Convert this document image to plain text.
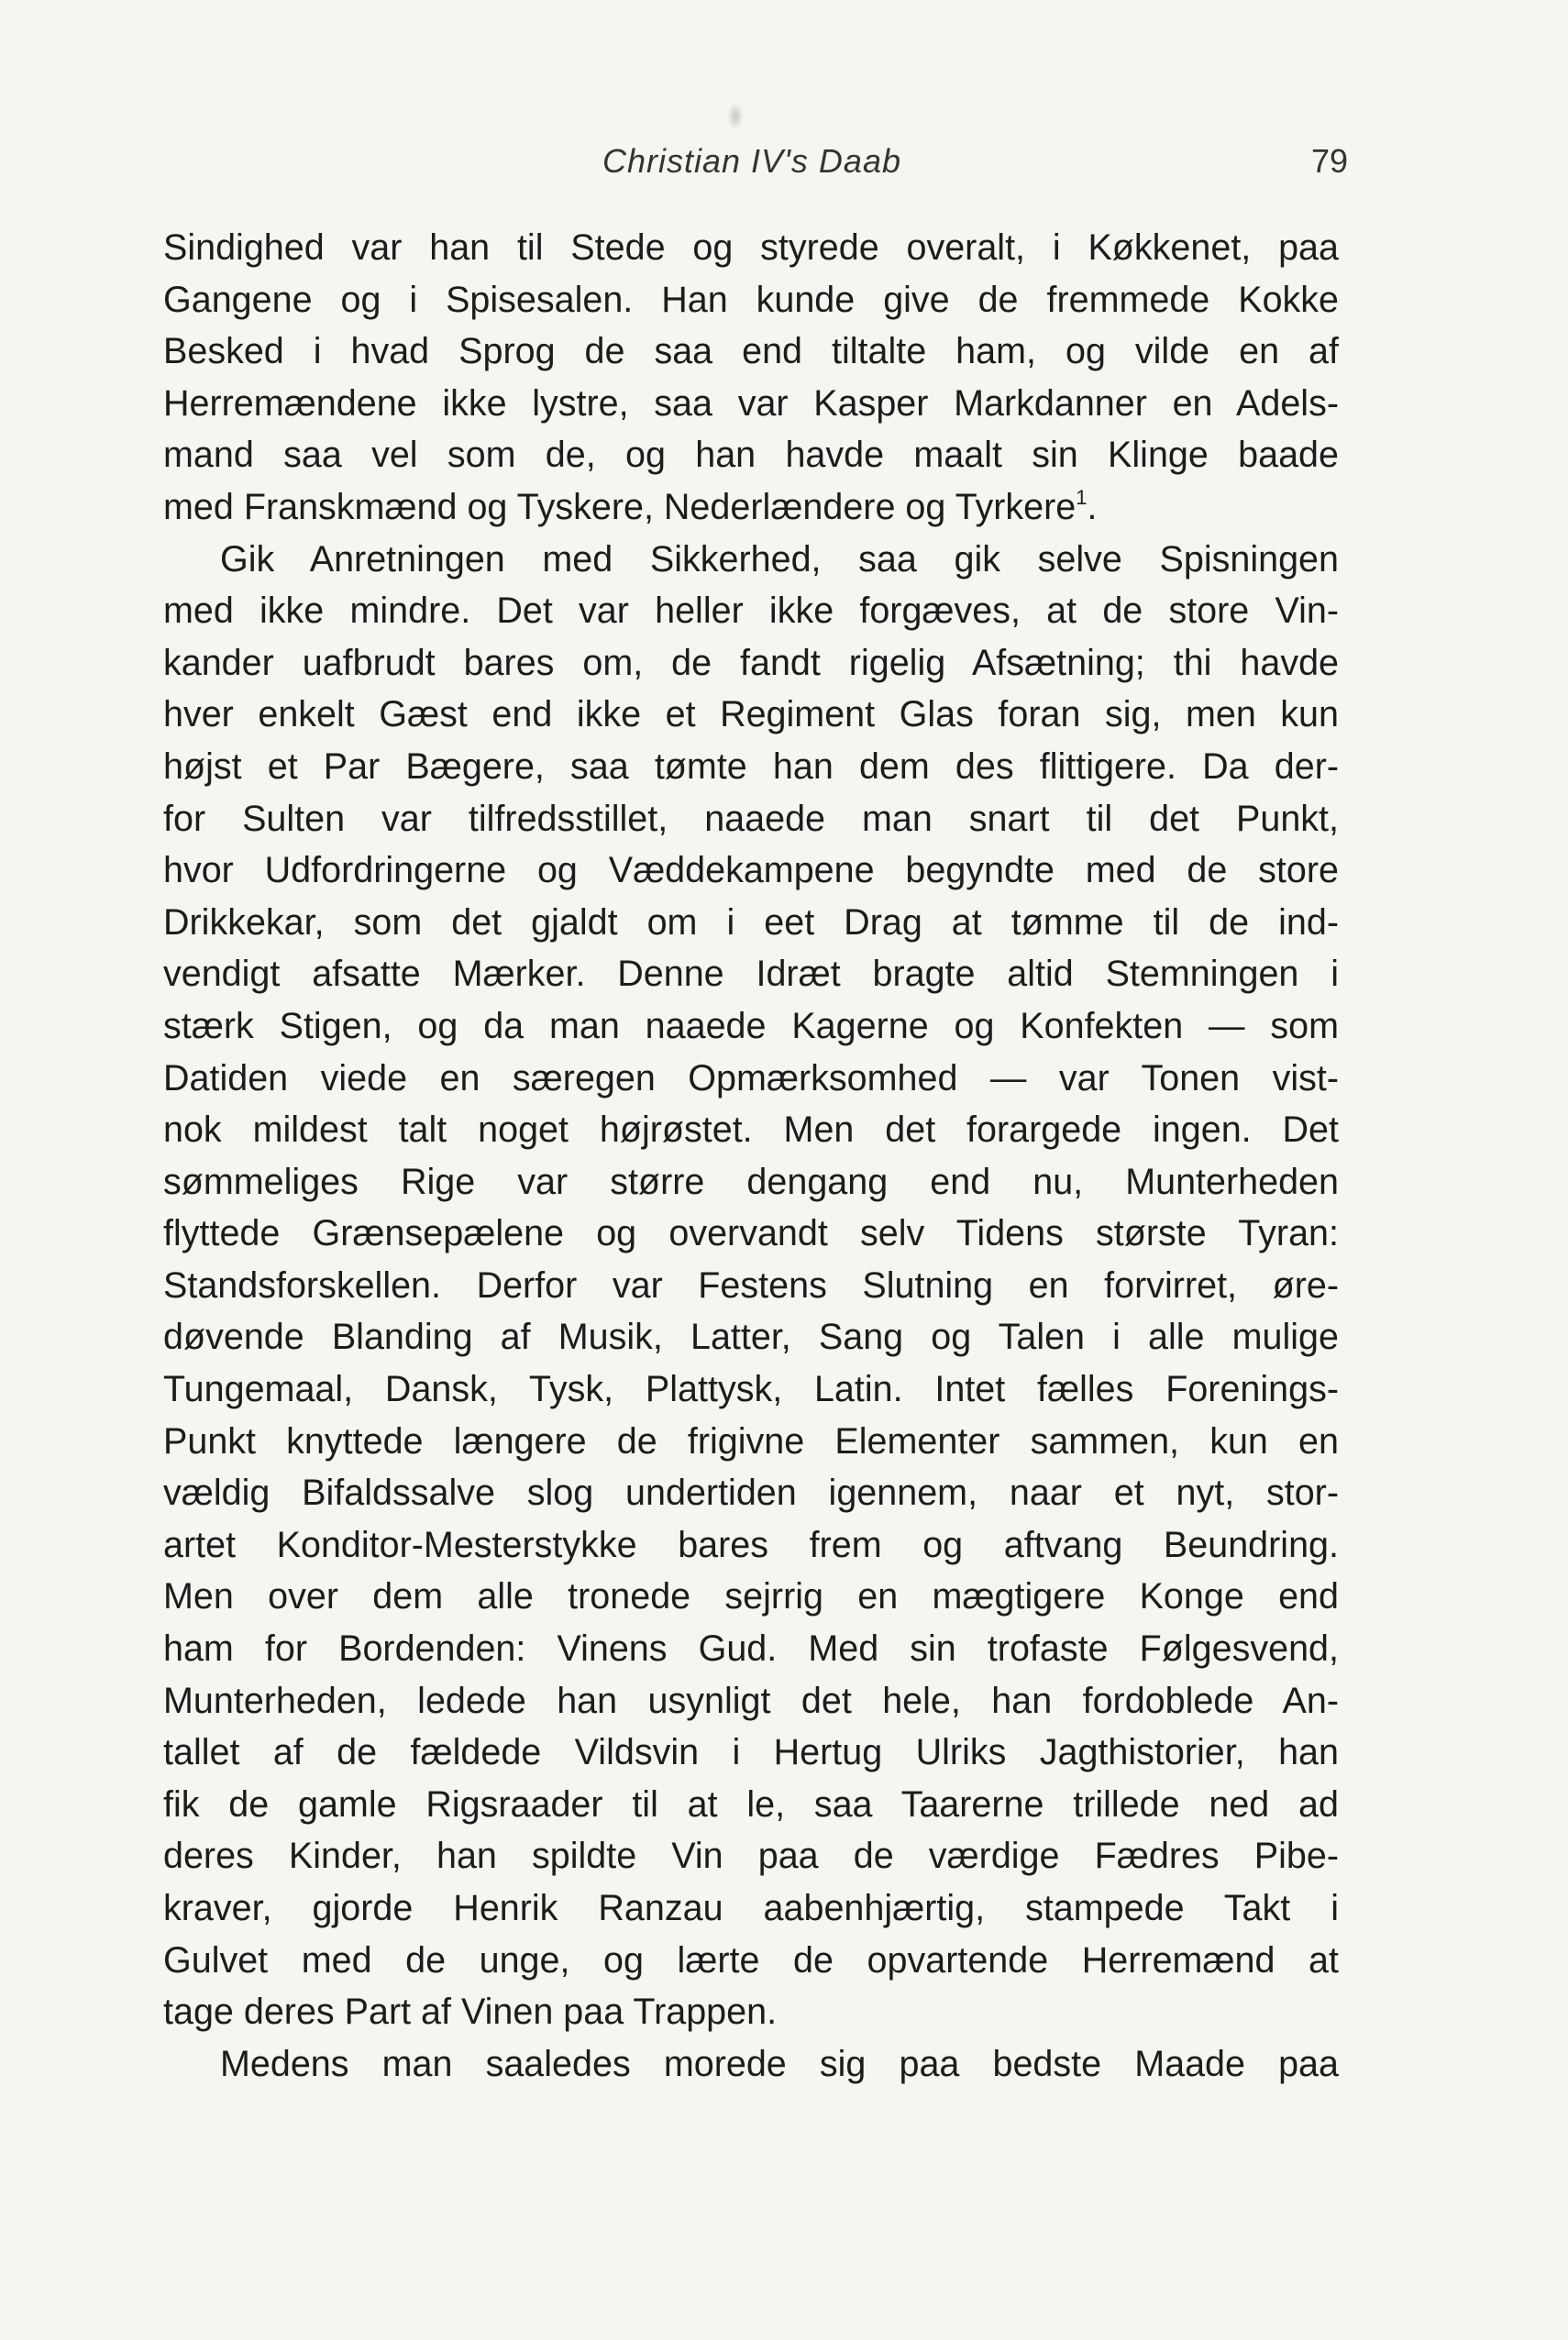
Christian IV's Daab	79
Sindighed var han til Stede og styrede overalt, i Køkkenet, paa
Gangene og i Spisesalen. Han kunde give de fremmede Kokke
Besked i hvad Sprog de saa end tiltalte ham, og vilde en af
Herremændene ikke lystre, saa var Kasper Markdanner en Adels-
mand saa vel som de, og han havde maalt sin Klinge baade
med Franskmænd og Tyskere, Nederlændere og Tyrkere$^1$.
Gik Anretningen med Sikkerhed, saa gik selve Spisningen
med ikke mindre. Det var heller ikke forgæves, at de store Vin-
kander uafbrudt bares om, de fandt rigelig Afsætning; thi havde
hver enkelt Gæst end ikke et Regiment Glas foran sig, men kun
højst et Par Bægere, saa tømte han dem des flittigere. Da der-
for Sulten var tilfredsstillet, naaede man snart til det Punkt,
hvor Udfordringerne og Væddekampene begyndte med de store
Drikkekar, som det gjaldt om i eet Drag at tømme til de ind-
vendigt afsatte Mærker. Denne Idræt bragte altid Stemningen i
stærk Stigen, og da man naaede Kagerne og Konfekten — som
Datiden viede en særegen Opmærksomhed — var Tonen vist-
nok mildest talt noget højrøstet. Men det forargede ingen. Det
sømmeliges Rige var større dengang end nu, Munterheden
flyttede Grænsepælene og overvandt selv Tidens største Tyran:
Standsforskellen. Derfor var Festens Slutning en forvirret, øre-
døvende Blanding af Musik, Latter, Sang og Talen i alle mulige
Tungemaal, Dansk, Tysk, Plattysk, Latin. Intet fælles Forenings-
Punkt knyttede længere de frigivne Elementer sammen, kun en
vældig Bifaldssalve slog undertiden igennem, naar et nyt, stor-
artet Konditor-Mesterstykke bares frem og aftvang Beundring.
Men over dem alle tronede sejrrig en mægtigere Konge end
ham for Bordenden: Vinens Gud. Med sin trofaste Følgesvend,
Munterheden, ledede han usynligt det hele, han fordoblede An-
tallet af de fældede Vildsvin i Hertug Ulriks Jagthistorier, han
fik de gamle Rigsraader til at le, saa Taarerne trillede ned ad
deres Kinder, han spildte Vin paa de værdige Fædres Pibe-
kraver, gjorde Henrik Ranzau aabenhjærtig, stampede Takt i
Gulvet med de unge, og lærte de opvartende Herremænd at
tage deres Part af Vinen paa Trappen.
Medens man saaledes morede sig paa bedste Maade paa
